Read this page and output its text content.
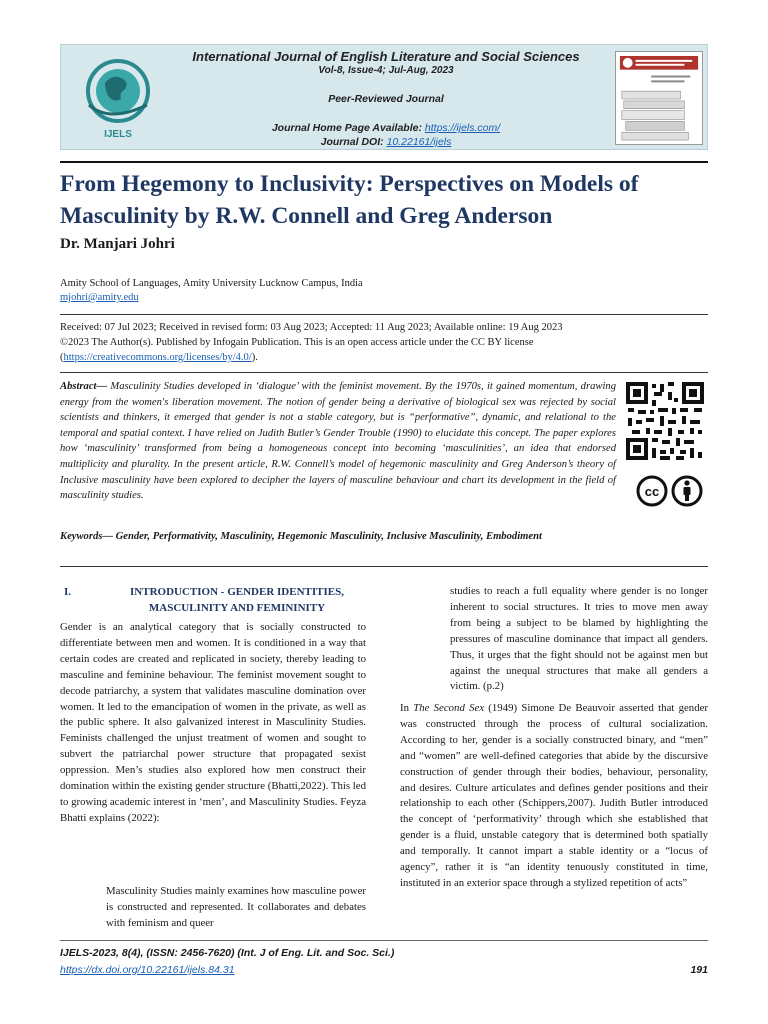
IJELS
International Journal of English Literature and Social Sciences
Vol-8, Issue-4; Jul-Aug, 2023
Peer-Reviewed Journal
Journal Home Page Available: https://ijels.com/
Journal DOI: 10.22161/ijels
From Hegemony to Inclusivity: Perspectives on Models of Masculinity by R.W. Connell and Greg Anderson
Dr. Manjari Johri
Amity School of Languages, Amity University Lucknow Campus, India
mjohri@amity.edu
Received: 07 Jul 2023; Received in revised form: 03 Aug 2023; Accepted: 11 Aug 2023; Available online: 19 Aug 2023
©2023 The Author(s). Published by Infogain Publication. This is an open access article under the CC BY license
(https://creativecommons.org/licenses/by/4.0/).
Abstract— Masculinity Studies developed in ‘dialogue’ with the feminist movement. By the 1970s, it gained momentum, drawing energy from the women's liberation movement. The notion of gender being a derivative of biological sex was rejected by social scientists and thinkers, it emerged that gender is not a stable category, but is “performative”, dynamic, and relational to the temporal and spatial context. I have relied on Judith Butler’s Gender Trouble (1990) to elucidate this concept. The paper explores how ‘masculinity’ transformed from being a homogeneous concept into becoming ‘masculinities’, an idea that endorsed multiplicity and plurality. In the present article, R.W. Connell’s model of hegemonic masculinity and Greg Anderson’s theory of Inclusive masculinity have been explored to decipher the layers of masculine behaviour and chart its development in the field of masculinity studies.	cc
Keywords— Gender, Performativity, Masculinity, Hegemonic Masculinity, Inclusive Masculinity, Embodiment
I.	INTRODUCTION - GENDER IDENTITIES, MASCULINITY AND FEMININITY

Gender is an analytical category that is socially constructed to differentiate between men and women. It is conditioned in a way that certain codes are created and replicated in society, thereby leading to masculine and feminine behaviour. The feminist movement sought to decode patriarchy, a system that validates masculine domination over women. It led to the emancipation of women in the private, as well as the public sphere. It also galvanized interest in Masculinity Studies. Feminists challenged the unjust treatment of women and sought to subvert the patriarchal power structure that propagated sexist oppression. Men’s studies also explored how men construct their domination within the existing gender structure (Bhatti,2022). This led to growing academic interest in ‘men’, and Masculinity Studies. Feyza Bhatti explains (2022):

Masculinity Studies mainly examines how masculine power is constructed and represented. It collaborates and debates with feminism and queer

studies to reach a full equality where gender is no longer inherent to social structures. It tries to move men away from being a subject to be blamed by highlighting the pressures of masculine dominance that impact all genders. Thus, it urges that the fight should not be against men but against the unequal structures that make all genders a victim. (p.2)

In The Second Sex (1949) Simone De Beauvoir asserted that gender was constructed through the process of cultural socialization. According to her, gender is a socially constructed binary, and “men” and “women” are well-defined categories that abide by the discursive construction of gender through their bodies, behaviour, personality, and desires. Culture articulates and defines gender positions and their relationship to each other (Schippers,2007). Judith Butler introduced the concept of ‘performativity’ through which she established that gender is a fluid, unstable category that is determined both spatially and temporally. It cannot impart a stable identity or a “locus of agency”, rather it is “an identity tenuously constituted in time, instituted in an exterior space through a stylized repetition of acts”

IJELS-2023, 8(4), (ISSN: 2456-7620) (Int. J of Eng. Lit. and Soc. Sci.)
https://dx.doi.org/10.22161/ijels.84.31	191
